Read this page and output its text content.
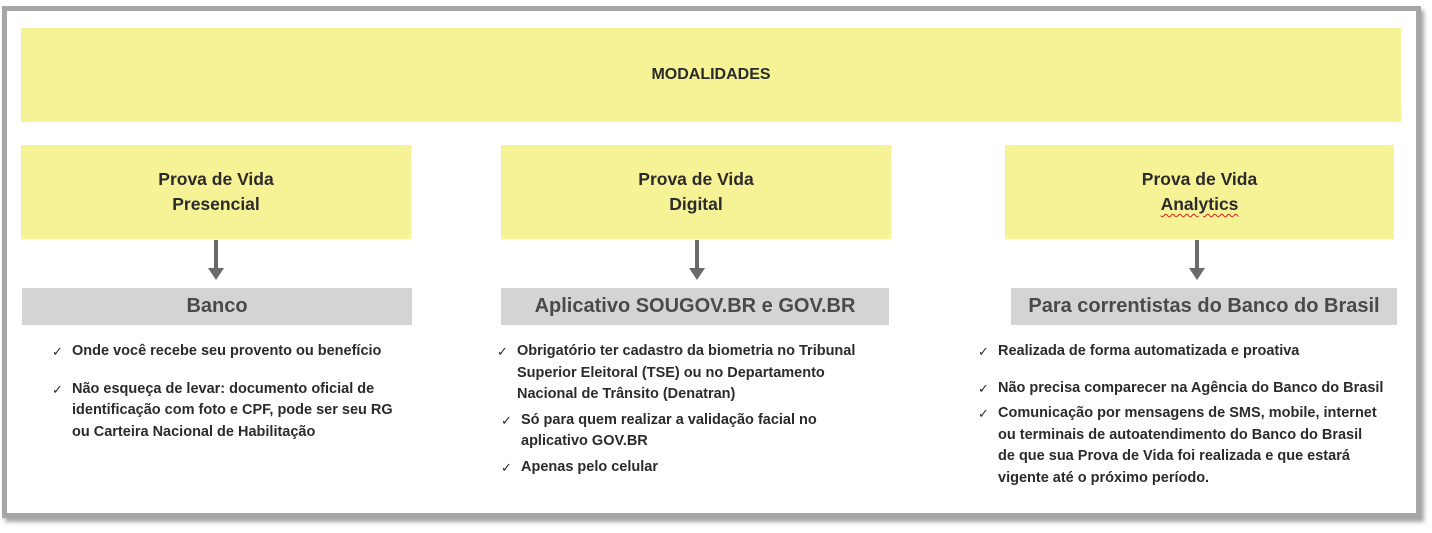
MODALIDADES
Prova de Vida
Presencial
Banco
✓ Onde você recebe seu provento ou benefício
✓ Não esqueça de levar: documento oficial de
identificação com foto e CPF, pode ser seu RG
ou Carteira Nacional de Habilitação
Prova de Vida
Digital
Aplicativo SOUGOV.BR e GOV.BR
✓ Obrigatório ter cadastro da biometria no Tribunal
Superior Eleitoral (TSE) ou no Departamento
Nacional de Trânsito (Denatran)
✓ Só para quem realizar a validação facial no
aplicativo GOV.BR
✓ Apenas pelo celular
Prova de Vida
Analytics
Para correntistas do Banco do Brasil
✓ Realizada de forma automatizada e proativa
✓ Não precisa comparecer na Agência do Banco do Brasil
✓ Comunicação por mensagens de SMS, mobile, internet
ou terminais de autoatendimento do Banco do Brasil
de que sua Prova de Vida foi realizada e que estará
vigente até o próximo período.
